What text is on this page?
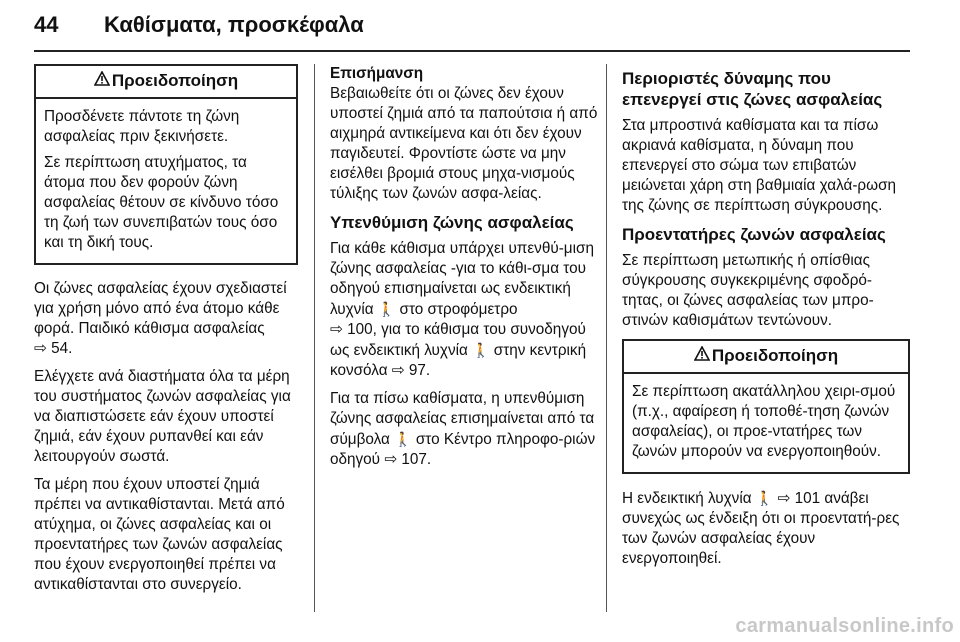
44 Καθίσματα, προσκέφαλα
Προειδοποίηση

Προσδένετε πάντοτε τη ζώνη ασφαλείας πριν ξεκινήσετε.

Σε περίπτωση ατυχήματος, τα άτομα που δεν φορούν ζώνη ασφαλείας θέτουν σε κίνδυνο τόσο τη ζωή των συνεπιβατών τους όσο και τη δική τους.

Οι ζώνες ασφαλείας έχουν σχεδιαστεί για χρήση μόνο από ένα άτομο κάθε φορά. Παιδικό κάθισμα ασφαλείας
⇨ 54.

Ελέγχετε ανά διαστήματα όλα τα μέρη του συστήματος ζωνών ασφαλείας για να διαπιστώσετε εάν έχουν υποστεί ζημιά, εάν έχουν ρυπανθεί και εάν λειτουργούν σωστά.

Τα μέρη που έχουν υποστεί ζημιά πρέπει να αντικαθίστανται. Μετά από ατύχημα, οι ζώνες ασφαλείας και οι προεντατήρες των ζωνών ασφαλείας που έχουν ενεργοποιηθεί πρέπει να αντικαθίστανται στο συνεργείο.

Επισήμανση

Βεβαιωθείτε ότι οι ζώνες δεν έχουν υποστεί ζημιά από τα παπούτσια ή από αιχμηρά αντικείμενα και ότι δεν έχουν παγιδευτεί. Φροντίστε ώστε να μην εισέλθει βρομιά στους μηχα-νισμούς τύλιξης των ζωνών ασφα-λείας.

Υπενθύμιση ζώνης ασφαλείας

Για κάθε κάθισμα υπάρχει υπενθύ-μιση ζώνης ασφαλείας -για το κάθι-σμα του οδηγού επισημαίνεται ως ενδεικτική λυχνία 🚶 στο στροφόμετρο
⇨ 100, για το κάθισμα του συνοδηγού ως ενδεικτική λυχνία 🚶 στην κεντρική κονσόλα ⇨ 97.

Για τα πίσω καθίσματα, η υπενθύμιση ζώνης ασφαλείας επισημαίνεται από τα σύμβολα 🚶 στο Κέντρο πληροφο-ριών οδηγού ⇨ 107.

Περιοριστές δύναμης που επενεργεί στις ζώνες ασφαλείας

Στα μπροστινά καθίσματα και τα πίσω ακριανά καθίσματα, η δύναμη που επενεργεί στο σώμα των επιβατών μειώνεται χάρη στη βαθμιαία χαλά-ρωση της ζώνης σε περίπτωση σύγκρουσης.

Προεντατήρες ζωνών ασφαλείας

Σε περίπτωση μετωπικής ή οπίσθιας σύγκρουσης συγκεκριμένης σφοδρό-τητας, οι ζώνες ασφαλείας των μπρο-στινών καθισμάτων τεντώνουν.

Προειδοποίηση

Σε περίπτωση ακατάλληλου χειρι-σμού (π.χ., αφαίρεση ή τοποθέ-τηση ζωνών ασφαλείας), οι προε-ντατήρες των ζωνών μπορούν να ενεργοποιηθούν.

Η ενδεικτική λυχνία 🚶 ⇨ 101 ανάβει συνεχώς ως ένδειξη ότι οι προεντατή-ρες των ζωνών ασφαλείας έχουν ενεργοποιηθεί.

carmanualsonline.info
